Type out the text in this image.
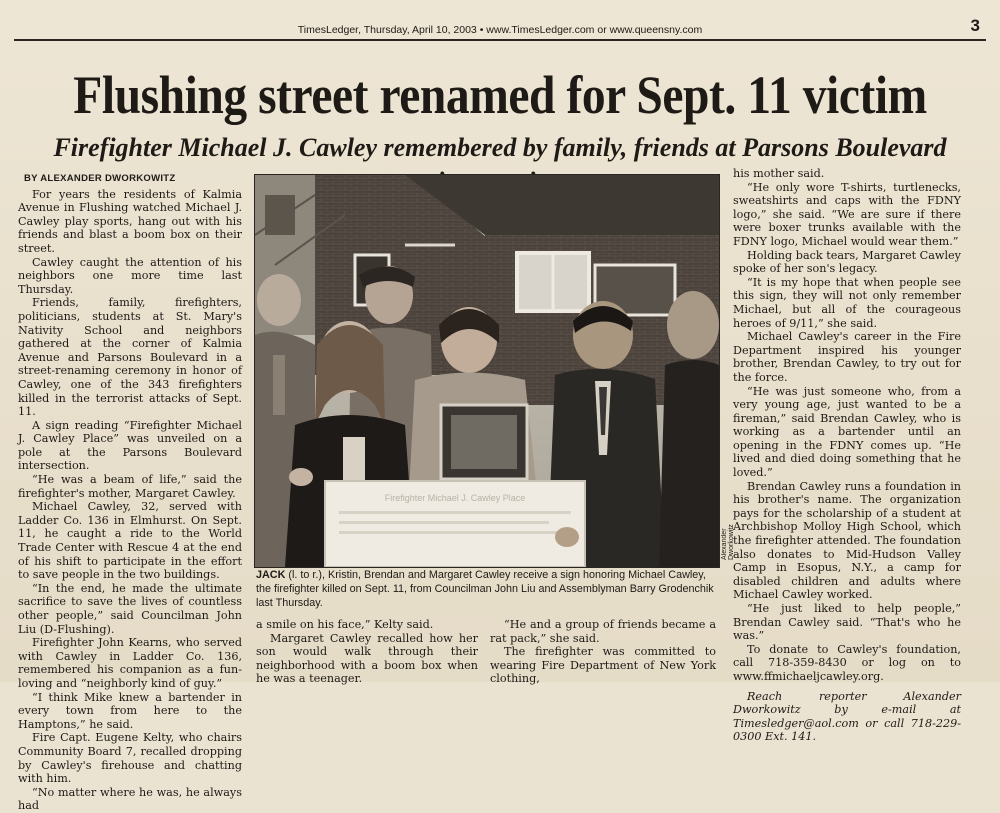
TimesLedger, Thursday, April 10, 2003 • www.TimesLedger.com or www.queensny.com	3
Flushing street renamed for Sept. 11 victim
Firefighter Michael J. Cawley remembered by family, friends at Parsons Boulevard
BY ALEXANDER DWORKOWITZ

For years the residents of Kalmia Avenue in Flushing watched Michael J. Cawley play sports, hang out with his friends and blast a boom box on their street.

Cawley caught the attention of his neighbors one more time last Thursday.

Friends, family, firefighters, politicians, students at St. Mary's Nativity School and neighbors gathered at the corner of Kalmia Avenue and Parsons Boulevard in a street-renaming ceremony in honor of Cawley, one of the 343 firefighters killed in the terrorist attacks of Sept. 11.

A sign reading “Firefighter Michael J. Cawley Place” was unveiled on a pole at the Parsons Boulevard intersection.

“He was a beam of life,” said the firefighter's mother, Margaret Cawley.

Michael Cawley, 32, served with Ladder Co. 136 in Elmhurst. On Sept. 11, he caught a ride to the World Trade Center with Rescue 4 at the end of his shift to participate in the effort to save people in the two buildings.

“In the end, he made the ultimate sacrifice to save the lives of countless other people,” said Councilman John Liu (D-Flushing).

Firefighter John Kearns, who served with Cawley in Ladder Co. 136, remembered his companion as a fun-loving and “neighborly kind of guy.”

“I think Mike knew a bartender in every town from here to the Hamptons,” he said.

Fire Capt. Eugene Kelty, who chairs Community Board 7, recalled dropping by Cawley's firehouse and chatting with him.

“No matter where he was, he always had

Firefighter Michael J. Cawley Place
Alexander Dworkowitz
JACK (l. to r.), Kristin, Brendan and Margaret Cawley receive a sign honoring Michael Cawley, the firefighter killed on Sept. 11, from Councilman John Liu and Assemblyman Barry Grodenchik last Thursday.

a smile on his face,” Kelty said.

Margaret Cawley recalled how her son would walk through their neighborhood with a boom box when he was a teenager.

“He and a group of friends became a rat pack,” she said.

The firefighter was committed to wearing Fire Department of New York clothing,

his mother said.

“He only wore T-shirts, turtlenecks, sweatshirts and caps with the FDNY logo,” she said. “We are sure if there were boxer trunks available with the FDNY logo, Michael would wear them.”

Holding back tears, Margaret Cawley spoke of her son's legacy.

“It is my hope that when people see this sign, they will not only remember Michael, but all of the courageous heroes of 9/11,” she said.

Michael Cawley's career in the Fire Department inspired his younger brother, Brendan Cawley, to try out for the force.

“He was just someone who, from a very young age, just wanted to be a fireman,” said Brendan Cawley, who is working as a bartender until an opening in the FDNY comes up. “He lived and died doing something that he loved.”

Brendan Cawley runs a foundation in his brother's name. The organization pays for the scholarship of a student at Archbishop Molloy High School, which the firefighter attended. The foundation also donates to Mid-Hudson Valley Camp in Esopus, N.Y., a camp for disabled children and adults where Michael Cawley worked.

“He just liked to help people,” Brendan Cawley said. “That's who he was.”

To donate to Cawley's foundation, call 718-359-8430 or log on to www.ffmichaeljcawley.org.

Reach reporter Alexander Dworkowitz by e-mail at Timesledger@aol.com or call 718-229-0300 Ext. 141.
